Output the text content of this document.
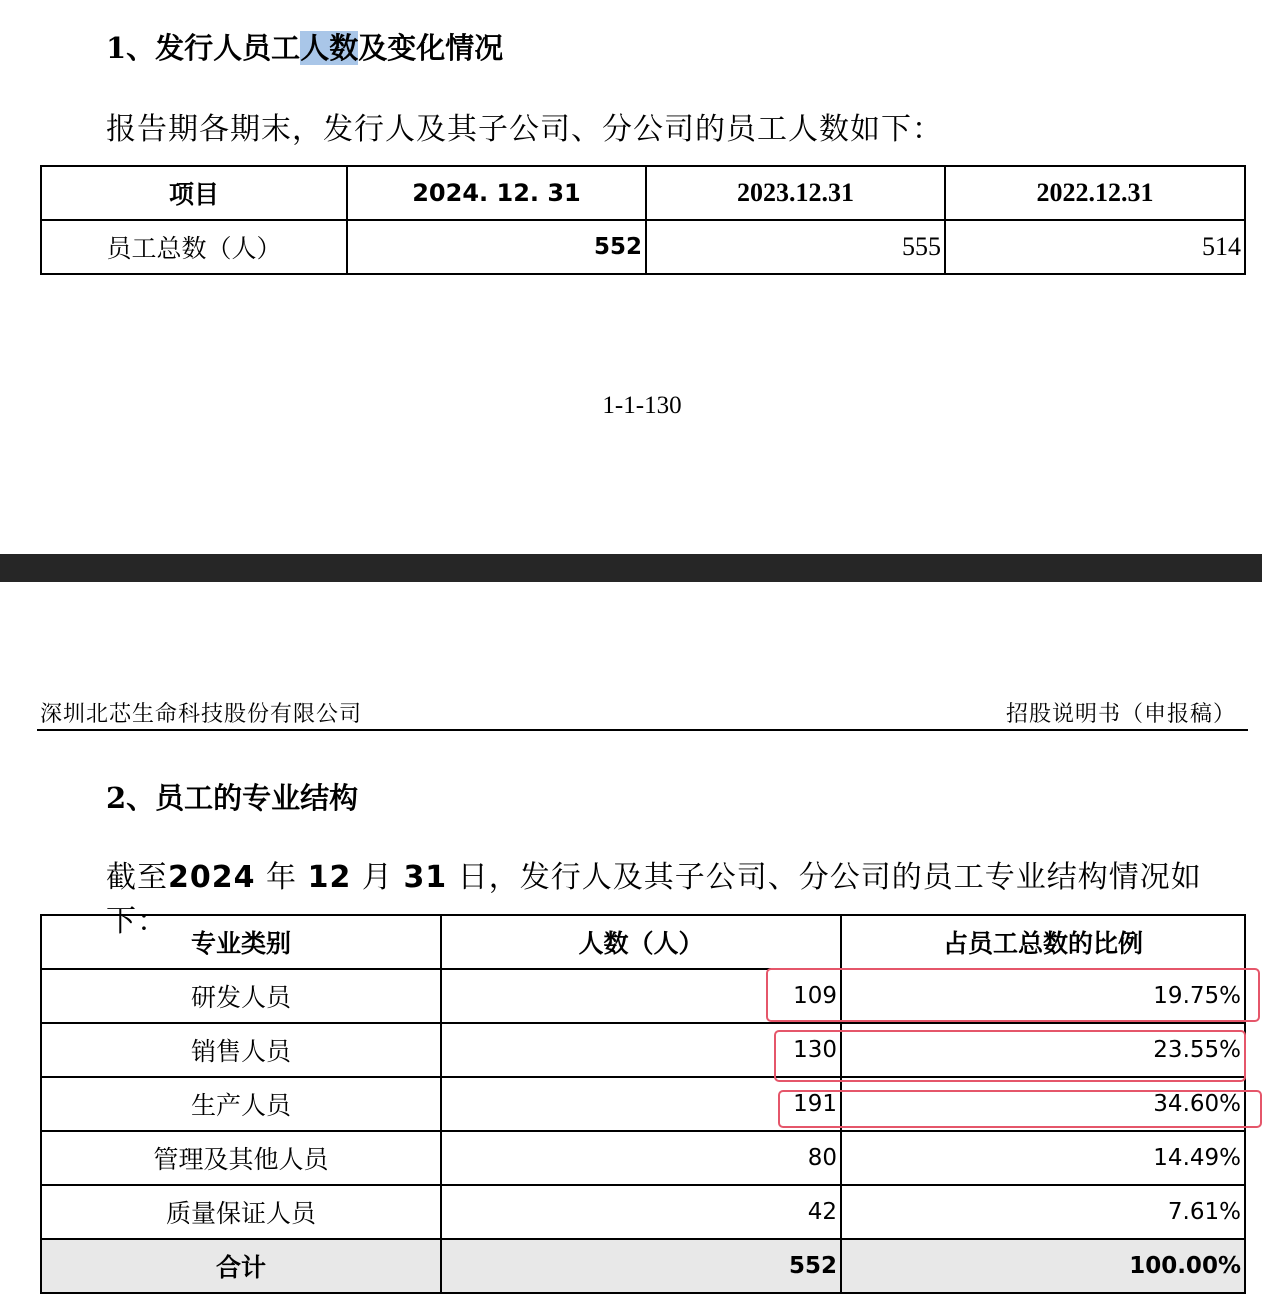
1、发行人员工人数及变化情况
报告期各期末，发行人及其子公司、分公司的员工人数如下：
项目	2024. 12. 31	2023.12.31	2022.12.31
员工总数（人）	552	555	514
1-1-130
深圳北芯生命科技股份有限公司	招股说明书（申报稿）
2、员工的专业结构
截至2024 年 12 月 31 日，发行人及其子公司、分公司的员工专业结构情况如下：
专业类别	人数（人）	占员工总数的比例
研发人员	109	19.75%
销售人员	130	23.55%
生产人员	191	34.60%
管理及其他人员	80	14.49%
质量保证人员	42	7.61%
合计	552	100.00%
